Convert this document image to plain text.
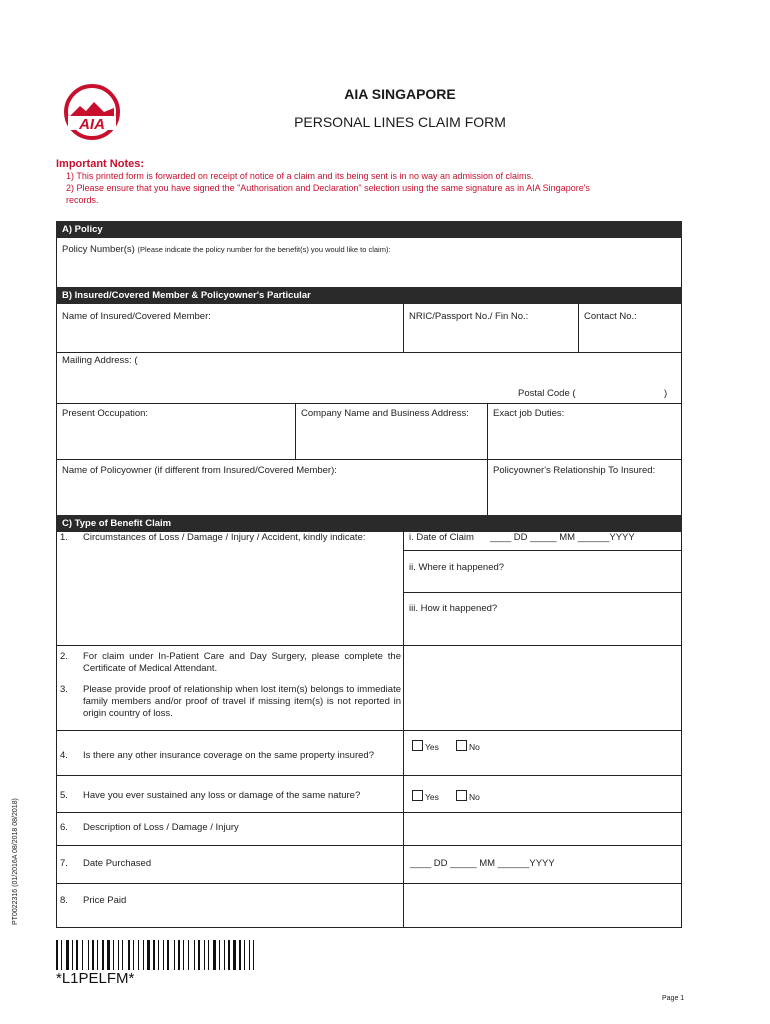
AIA
AIA SINGAPORE
PERSONAL LINES CLAIM FORM
Important Notes:
1) This printed form is forwarded on receipt of notice of a claim and its being sent is in no way an admission of claims.
2) Please ensure that you have signed the "Authorisation and Declaration" selection using the same signature as in AIA Singapore's
records.
A) Policy
Policy Number(s) (Please indicate the policy number for the benefit(s) you would like to claim):
B) Insured/Covered Member & Policyowner's Particular
Name of Insured/Covered Member:	NRIC/Passport No./ Fin No.:	Contact No.:
Mailing Address: (
Postal Code (	)
Present Occupation:	Company Name and Business Address:	Exact job Duties:
Name of Policyowner (if different from Insured/Covered Member):	Policyowner's Relationship To Insured:
C) Type of Benefit Claim
1. Circumstances of Loss / Damage / Injury / Accident, kindly indicate:	i. Date of Claim ____ DD _____ MM ______YYYY
ii. Where it happened?
iii. How it happened?
2. For claim under In-Patient Care and Day Surgery, please complete the Certificate of Medical Attendant.
3. Please provide proof of relationship when lost item(s) belongs to immediate family members and/or proof of travel if missing item(s) is not reported in origin country of loss.
4. Is there any other insurance coverage on the same property insured?
Yes	No
5. Have you ever sustained any loss or damage of the same nature?	Yes	No
6. Description of Loss / Damage / Injury
7. Date Purchased	____ DD _____ MM ______YYYY
8. Price Paid
PT0022316 (01/2016A 08/2018 08/2018)
*L1PELFM*
Page 1
